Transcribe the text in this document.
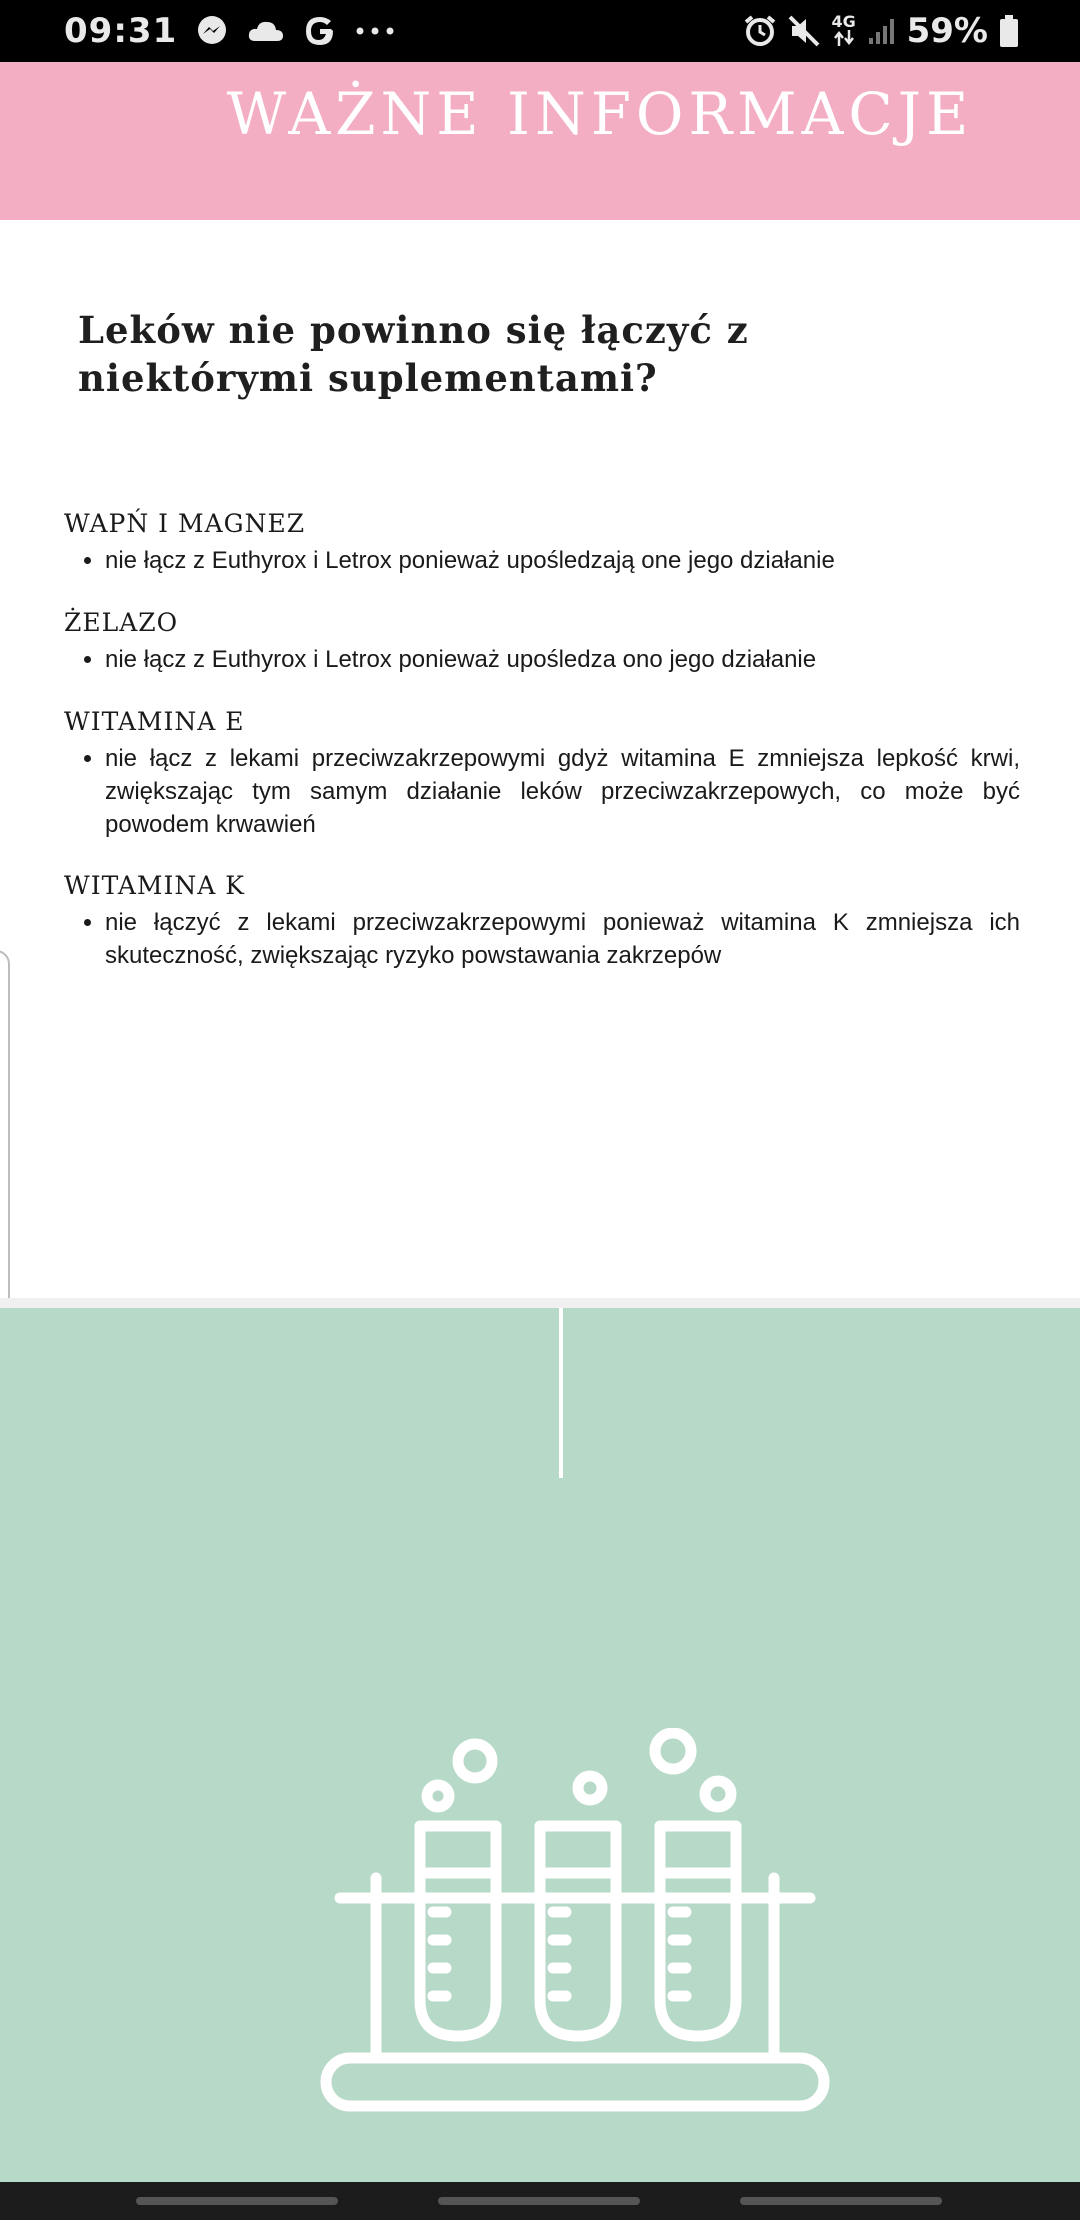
09:31	4G 59%
WAŻNE INFORMACJE
Leków nie powinno się łączyć z niektórymi suplementami?
WAPŃ I MAGNEZ
• nie łącz z Euthyrox i Letrox ponieważ upośledzają one jego działanie
ŻELAZO
• nie łącz z Euthyrox i Letrox ponieważ upośledza ono jego działanie
WITAMINA E
• nie łącz z lekami przeciwzakrzepowymi gdyż witamina E zmniejsza lepkość krwi, zwiększając tym samym działanie leków przeciwzakrzepowych, co może być powodem krwawień
WITAMINA K
• nie łączyć z lekami przeciwzakrzepowymi ponieważ witamina K zmniejsza ich skuteczność, zwiększając ryzyko powstawania zakrzepów
